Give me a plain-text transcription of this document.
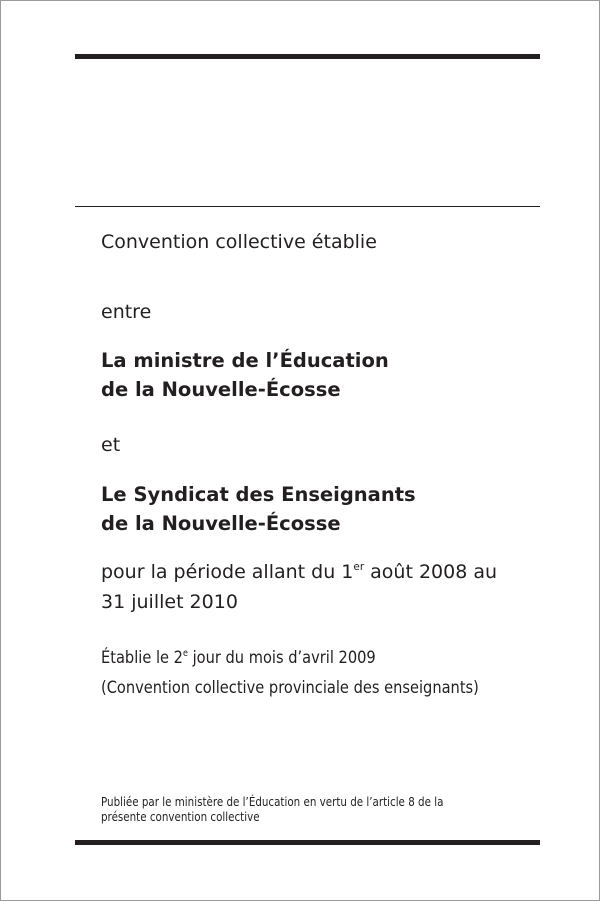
Convention collective établie

entre

La ministre de l’Éducation
de la Nouvelle-Écosse

et

Le Syndicat des Enseignants
de la Nouvelle-Écosse
pour la période allant du 1er août 2008 au
31 juillet 2010
Établie le 2e jour du mois d’avril 2009
(Convention collective provinciale des enseignants)
Publiée par le ministère de l’Éducation en vertu de l’article 8 de la
présente convention collective
